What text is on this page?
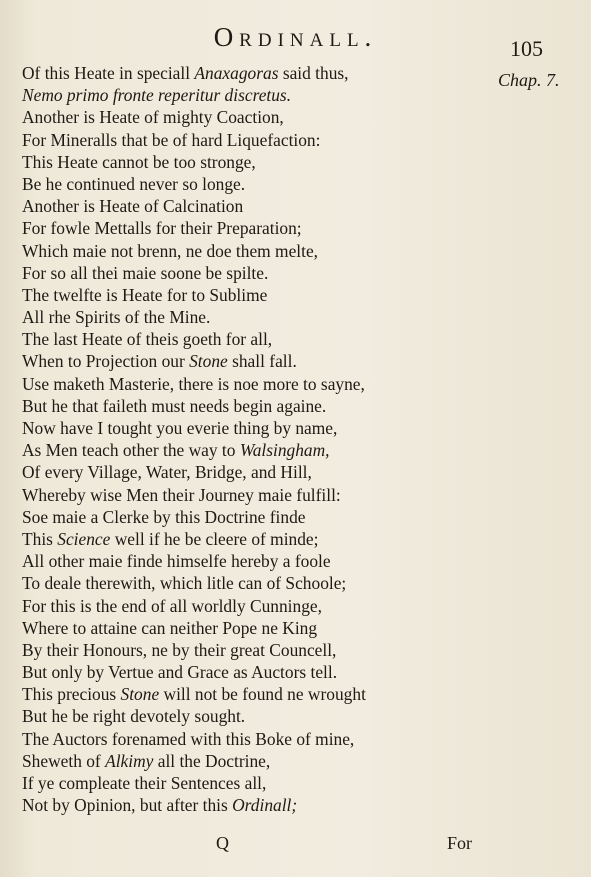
Ordinall.	105
Chap. 7.
Of this Heate in speciall Anaxagoras said thus,
Nemo primo fronte reperitur discretus.
Another is Heate of mighty Coaction,
For Mineralls that be of hard Liquefaction:
This Heate cannot be too stronge,
Be he continued never so longe.
Another is Heate of Calcination
For fowle Mettalls for their Preparation;
Which maie not brenn, ne doe them melte,
For so all thei maie soone be spilte.
The twelfte is Heate for to Sublime
All rhe Spirits of the Mine.
The last Heate of theis goeth for all,
When to Projection our Stone shall fall.
Use maketh Masterie, there is noe more to sayne,
But he that faileth must needs begin againe.
Now have I tought you everie thing by name,
As Men teach other the way to Walsingham,
Of every Village, Water, Bridge, and Hill,
Whereby wise Men their Journey maie fulfill:
Soe maie a Clerke by this Doctrine finde
This Science well if he be cleere of minde;
All other maie finde himselfe hereby a foole
To deale therewith, which litle can of Schoole;
For this is the end of all worldly Cunninge,
Where to attaine can neither Pope ne King
By their Honours, ne by their great Councell,
But only by Vertue and Grace as Auctors tell.
This precious Stone will not be found ne wrought
But he be right devotely sought.
The Auctors forenamed with this Boke of mine,
Sheweth of Alkimy all the Doctrine,
If ye compleate their Sentences all,
Not by Opinion, but after this Ordinall;
Q	For
